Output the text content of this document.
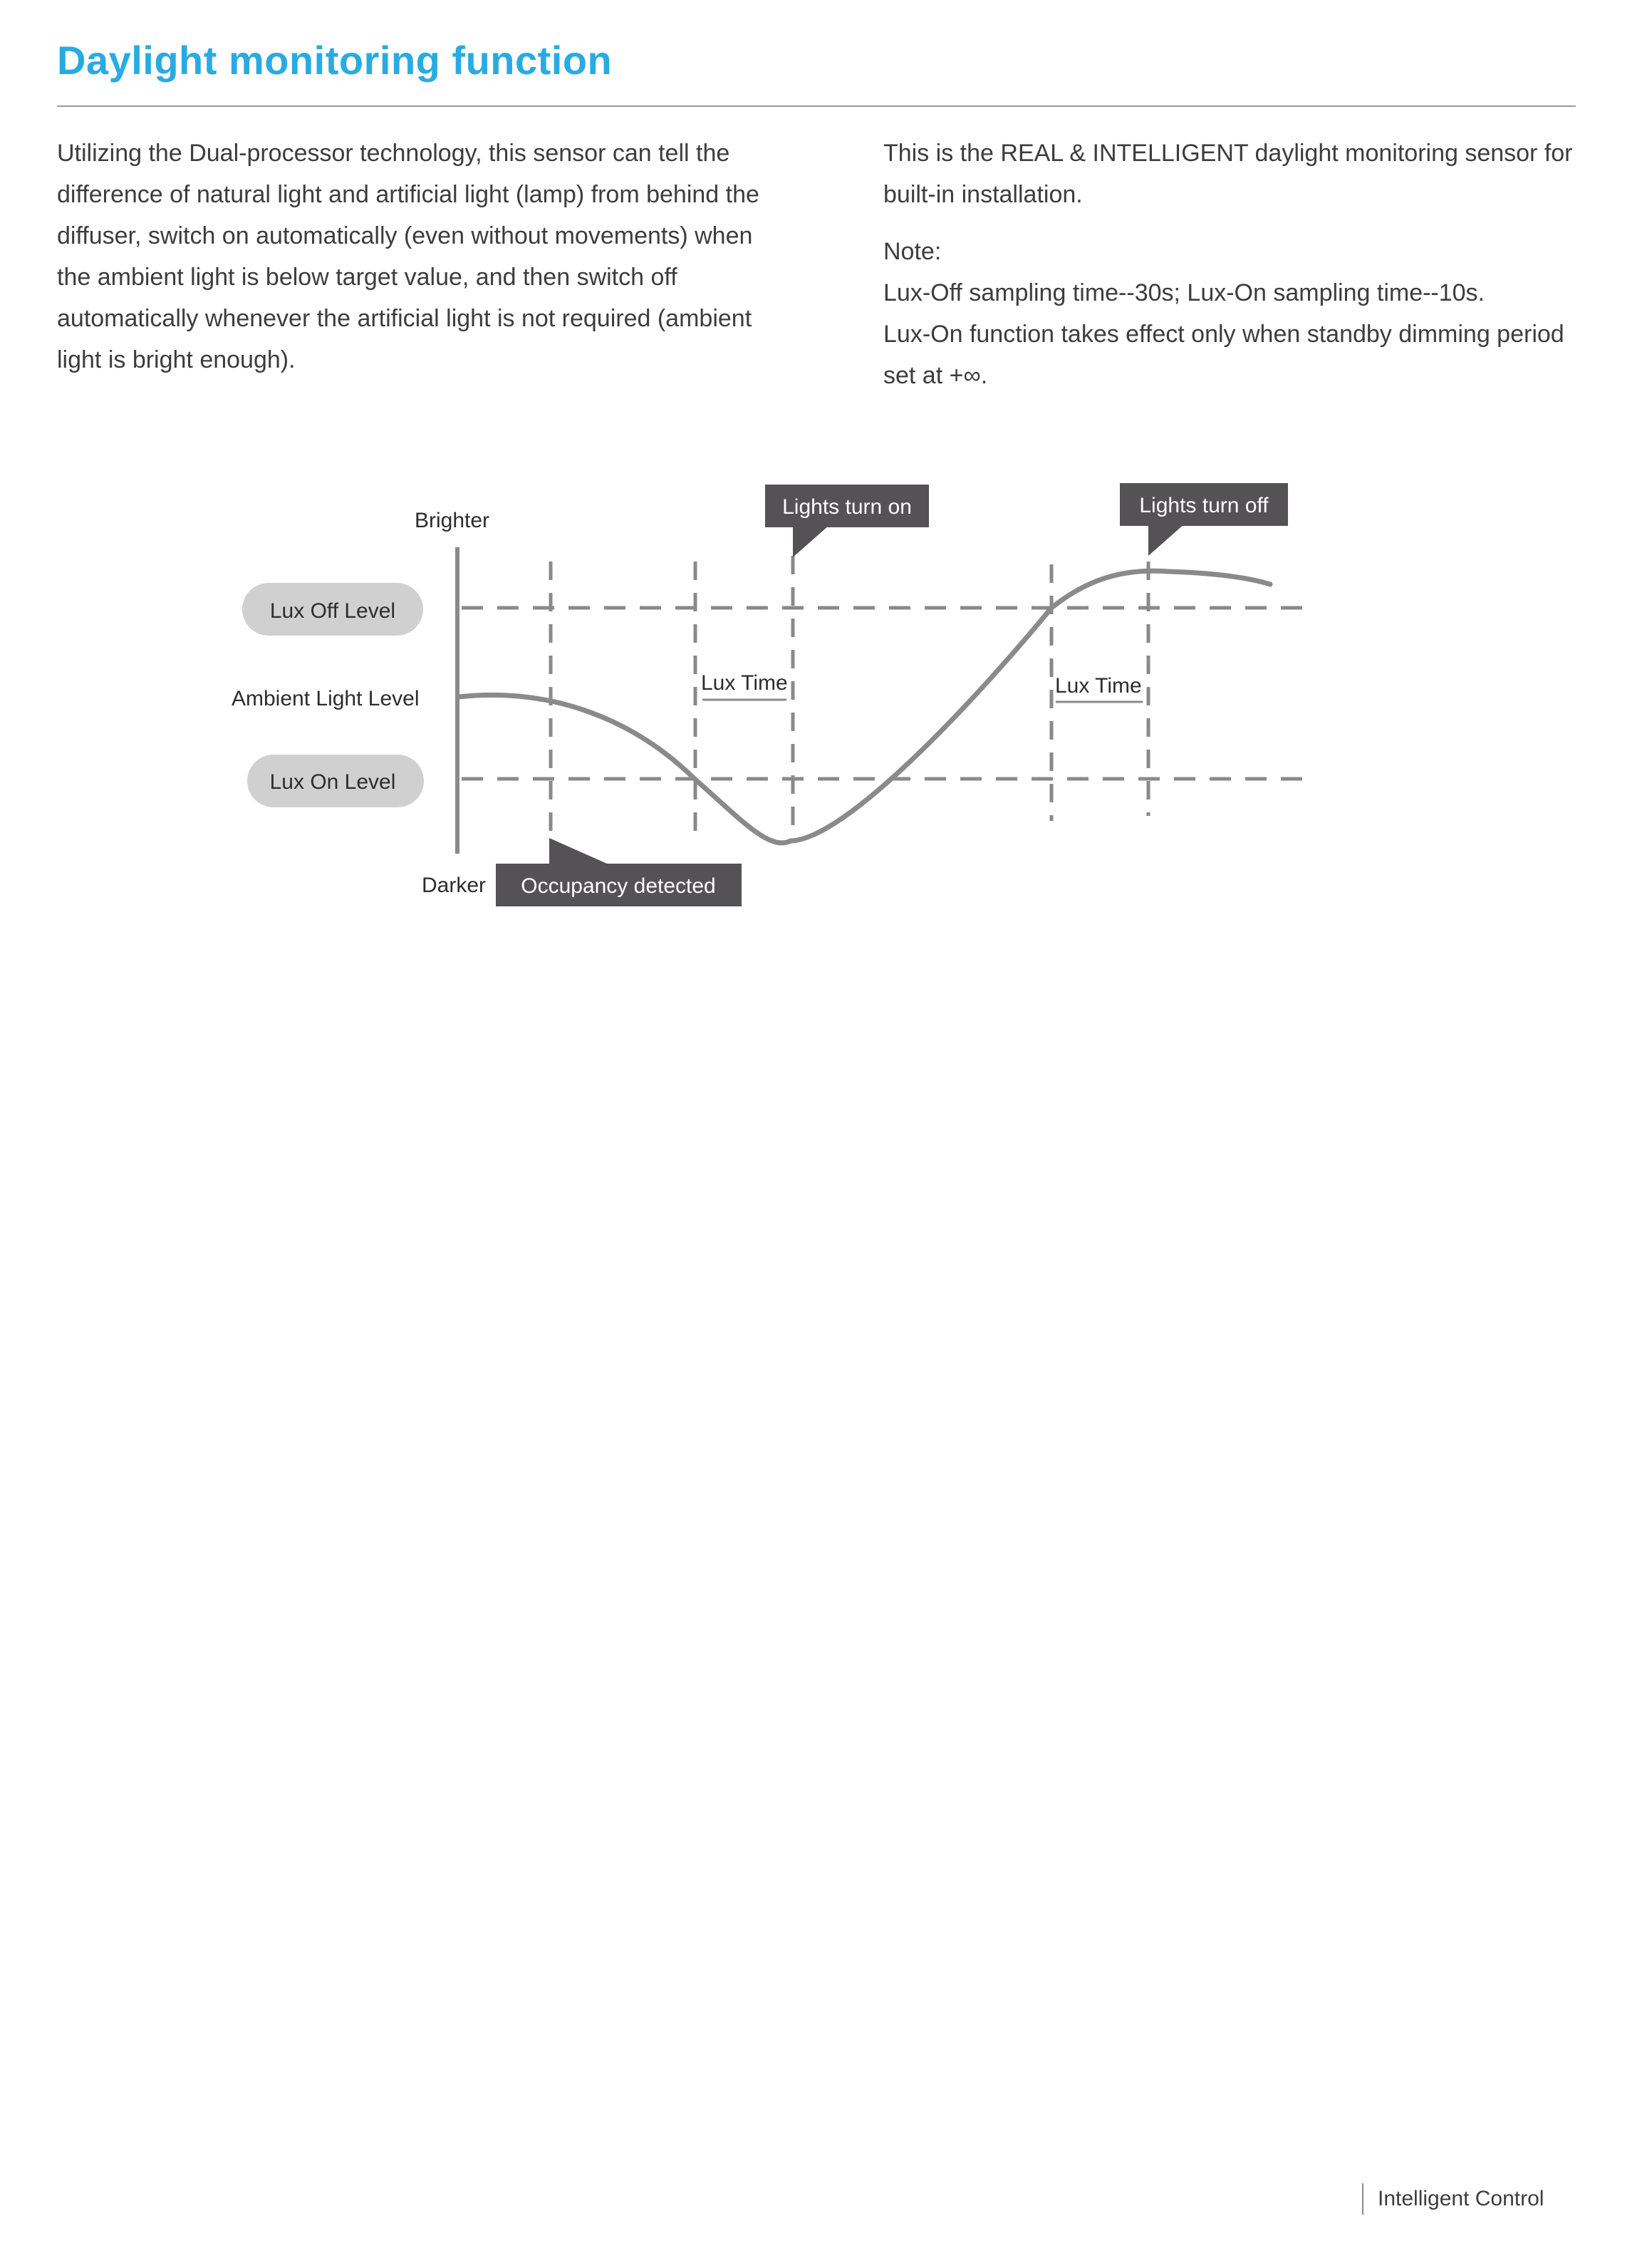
Daylight monitoring function

Utilizing the Dual-processor technology, this sensor can tell the difference of natural light and artificial light (lamp) from behind the diffuser, switch on automatically (even without movements) when the ambient light is below target value, and then switch off automatically whenever the artificial light is not required (ambient light is bright enough).

This is the REAL & INTELLIGENT daylight monitoring sensor for built-in installation.

Note:

Lux-Off sampling time--30s; Lux-On sampling time--10s.

Lux-On function takes effect only when standby dimming period set at +∞.

Lux Time	Lux Time
Brighter
Darker
Ambient Light Level
Lux Off Level
Lux On Level
Lights turn on	Lights turn off
Occupancy detected
Intelligent Control
